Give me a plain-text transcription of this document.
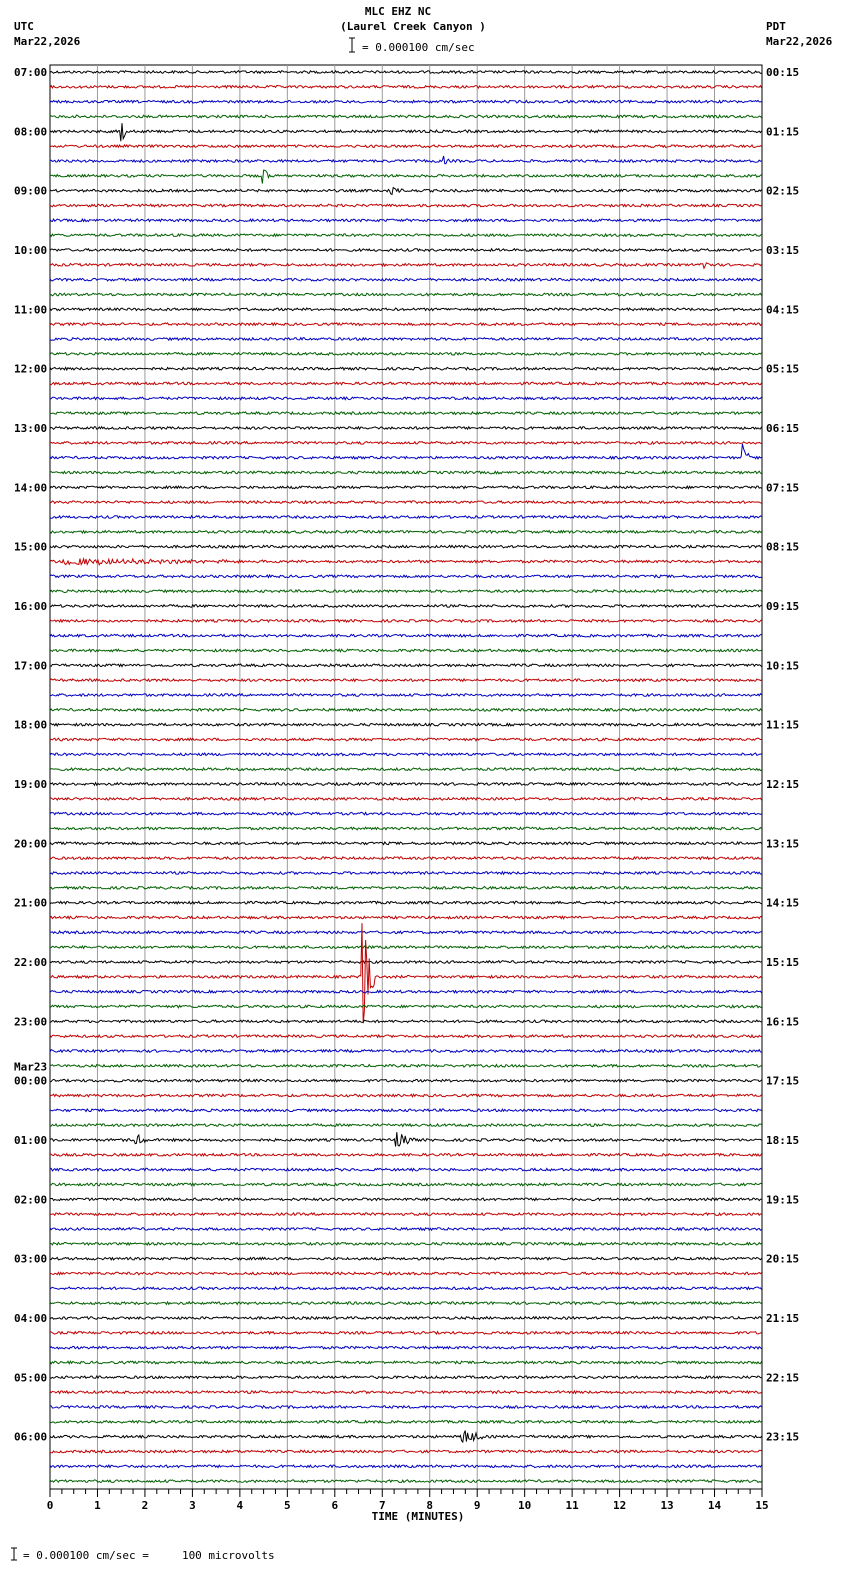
MLC EHZ NC
(Laurel Creek Canyon )
= 0.000100 cm/sec
UTC
Mar22,2026
PDT
Mar22,2026
07:00
08:00
09:00
10:00
11:00
12:00
13:00
14:00
15:00
16:00
17:00
18:00
19:00
20:00
21:00
22:00
23:00
00:00
01:00
02:00
03:00
04:00
05:00
06:00
Mar23
00:15
01:15
02:15
03:15
04:15
05:15
06:15
07:15
08:15
09:15
10:15
11:15
12:15
13:15
14:15
15:15
16:15
17:15
18:15
19:15
20:15
21:15
22:15
23:15
0	1	2	3	4	5	6	7	8	9	10	11	12	13	14	15
TIME (MINUTES)
= 0.000100 cm/sec =     100 microvolts
